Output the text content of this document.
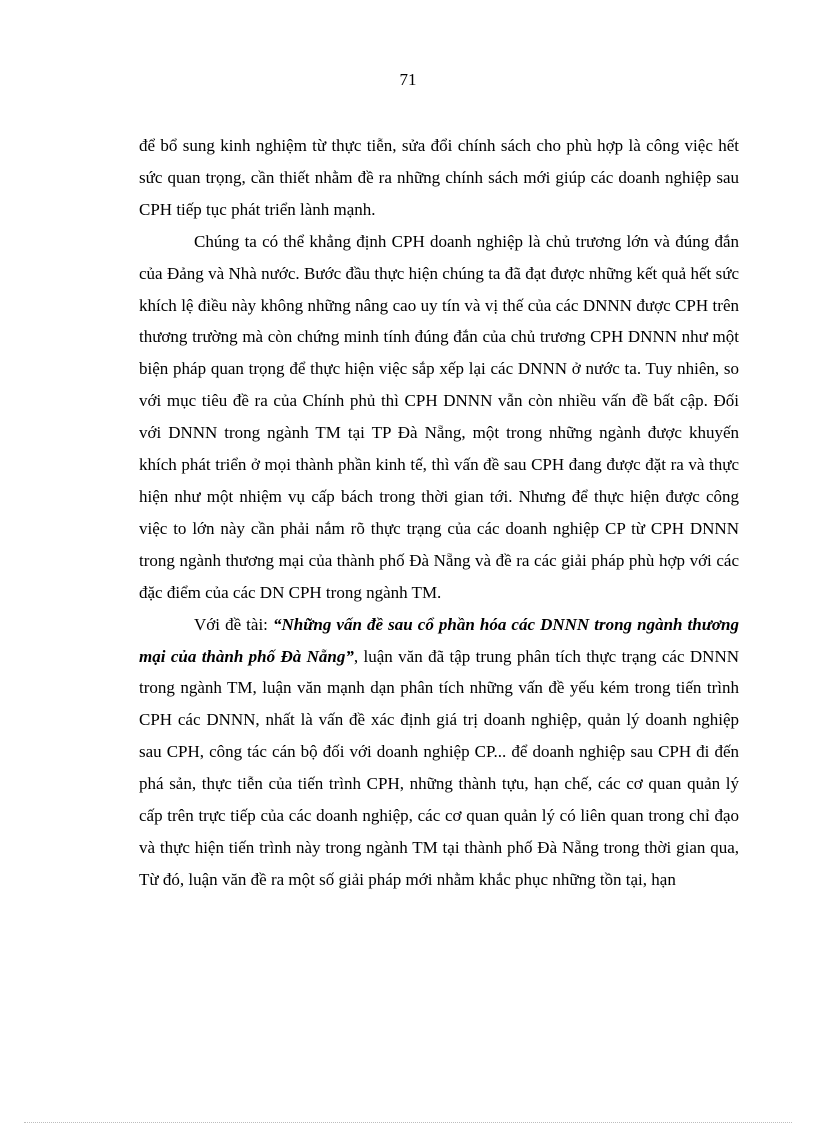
71

để bổ sung kinh nghiệm từ thực tiễn, sửa đổi chính sách cho phù hợp là công việc hết sức quan trọng, cần thiết nhằm đề ra những chính sách mới giúp các doanh nghiệp sau CPH tiếp tục phát triển lành mạnh.

Chúng ta có thể khẳng định CPH doanh nghiệp là chủ trương lớn và đúng đắn của Đảng và Nhà nước. Bước đầu thực hiện chúng ta đã đạt được những kết quả hết sức khích lệ điều này không những nâng cao uy tín và vị thế của các DNNN được CPH trên thương trường mà còn chứng minh tính đúng đắn của chủ trương CPH DNNN như một biện pháp quan trọng để thực hiện việc sắp xếp lại các DNNN ở nước ta. Tuy nhiên, so với mục tiêu đề ra của Chính phủ thì CPH DNNN vẫn còn nhiều vấn đề bất cập. Đối với DNNN trong ngành TM tại TP Đà Nẵng, một trong những ngành được khuyến khích phát triển ở mọi thành phần kinh tế, thì vấn đề sau CPH đang được đặt ra và thực hiện như một nhiệm vụ cấp bách trong thời gian tới. Nhưng để thực hiện được công việc to lớn này cần phải nắm rõ thực trạng của các doanh nghiệp CP từ CPH DNNN trong ngành thương mại của thành phố Đà Nẵng và đề ra các giải pháp phù hợp với các đặc điểm của các DN CPH trong ngành TM.

Với đề tài: “Những vấn đề sau cổ phần hóa các DNNN trong ngành thương mại của thành phố Đà Nẵng”, luận văn đã tập trung phân tích thực trạng các DNNN trong ngành TM, luận văn mạnh dạn phân tích những vấn đề yếu kém trong tiến trình CPH các DNNN, nhất là vấn đề xác định giá trị doanh nghiệp, quản lý doanh nghiệp sau CPH, công tác cán bộ đối với doanh nghiệp CP... để doanh nghiệp sau CPH đi đến phá sản, thực tiễn của tiến trình CPH, những thành tựu, hạn chế, các cơ quan quản lý cấp trên trực tiếp của các doanh nghiệp, các cơ quan quản lý có liên quan trong chỉ đạo và thực hiện tiến trình này trong ngành TM tại thành phố Đà Nẵng trong thời gian qua, Từ đó, luận văn đề ra một số giải pháp mới nhằm khắc phục những tồn tại, hạn
